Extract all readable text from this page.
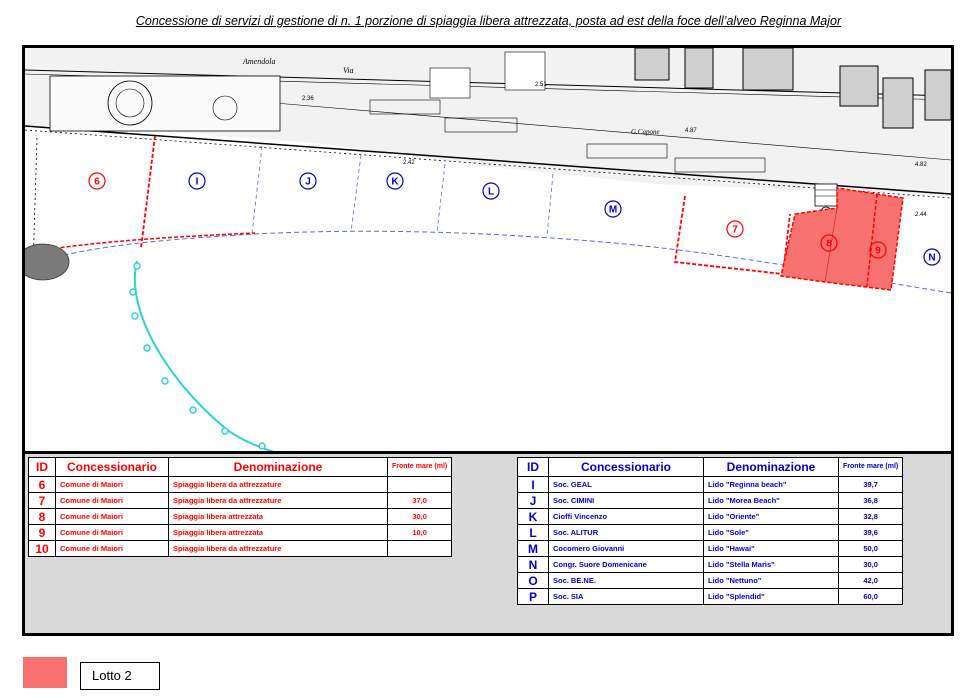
Concessione di servizi di gestione di n. 1 porzione di spiaggia libera attrezzata, posta ad est della foce dell’alveo Reginna Major
Amendola
Via
G.Capone
2.42
2.51
4.87
4.82
2.44
2.36
6	I	J	K
L
M
7
8
9
N
ID	Concessionario	Denominazione	Fronte mare (ml)
6	Comune di Maiori	Spiaggia libera da attrezzature	
7	Comune di Maiori	Spiaggia libera da attrezzature	37,0
8	Comune di Maiori	Spiaggia libera attrezzata	30,0
9	Comune di Maiori	Spiaggia libera attrezzata	10,0
10	Comune di Maiori	Spiaggia libera da attrezzature	
ID	Concessionario	Denominazione	Fronte mare (ml)
I	Soc. GEAL	Lido "Reginna beach"	39,7
J	Soc. CIMINI	Lido "Morea Beach"	36,8
K	Cioffi Vincenzo	Lido "Oriente"	32,8
L	Soc. ALITUR	Lido "Sole"	39,6
M	Cocomero Giovanni	Lido "Hawai"	50,0
N	Congr. Suore Domenicane	Lido "Stella Maris"	30,0
O	Soc. BE.NE.	Lido "Nettuno"	42,0
P	Soc. SIA	Lido "Splendid"	60,0
Lotto 2
